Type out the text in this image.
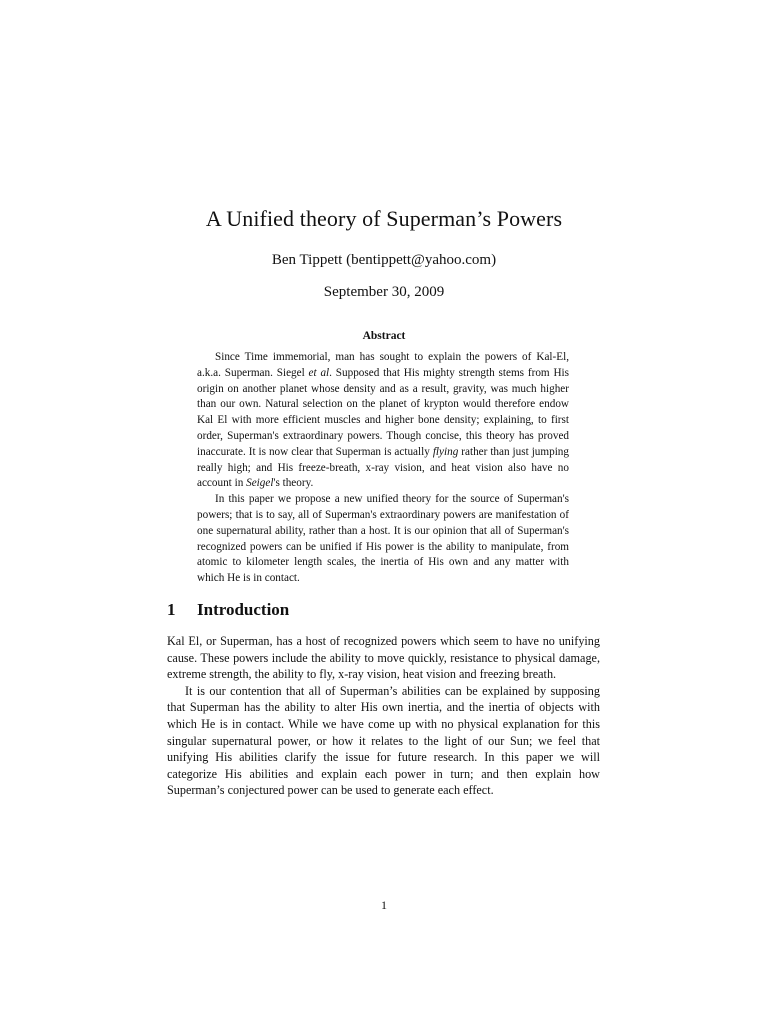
A Unified theory of Superman’s Powers
Ben Tippett (bentippett@yahoo.com)
September 30, 2009
Abstract

Since Time immemorial, man has sought to explain the powers of Kal-El, a.k.a. Superman. Siegel et al. Supposed that His mighty strength stems from His origin on another planet whose density and as a result, gravity, was much higher than our own. Natural selection on the planet of krypton would therefore endow Kal El with more efficient muscles and higher bone density; explaining, to first order, Superman's extraordinary powers. Though concise, this theory has proved inaccurate. It is now clear that Superman is actually flying rather than just jumping really high; and His freeze-breath, x-ray vision, and heat vision also have no account in Seigel's theory.

In this paper we propose a new unified theory for the source of Superman's powers; that is to say, all of Superman's extraordinary powers are manifestation of one supernatural ability, rather than a host. It is our opinion that all of Superman's recognized powers can be unified if His power is the ability to manipulate, from atomic to kilometer length scales, the inertia of His own and any matter with which He is in contact.

1 Introduction

Kal El, or Superman, has a host of recognized powers which seem to have no unifying cause. These powers include the ability to move quickly, resistance to physical damage, extreme strength, the ability to fly, x-ray vision, heat vision and freezing breath.

It is our contention that all of Superman’s abilities can be explained by supposing that Superman has the ability to alter His own inertia, and the inertia of objects with which He is in contact. While we have come up with no physical explanation for this singular supernatural power, or how it relates to the light of our Sun; we feel that unifying His abilities clarify the issue for future research. In this paper we will categorize His abilities and explain each power in turn; and then explain how Superman’s conjectured power can be used to generate each effect.

1
